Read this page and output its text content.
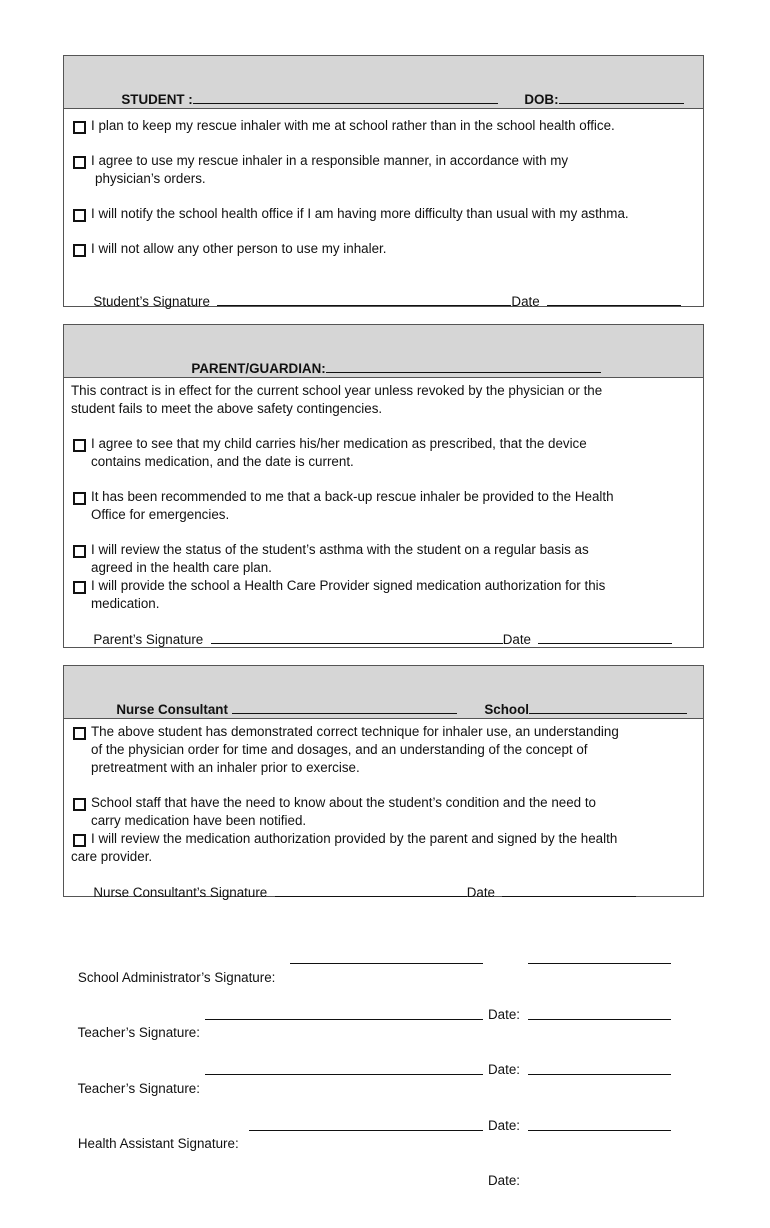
STUDENT :

	DOB:

I plan to keep my rescue inhaler with me at school rather than in the school health office.
I agree to use my rescue inhaler in a responsible manner, in accordance with my
physician’s orders.
I will notify the school health office if I am having more difficulty than usual with my asthma.
I will not allow any other person to use my inhaler.

Student’s Signature	Date

PARENT/GUARDIAN:

This contract is in effect for the current school year unless revoked by the physician or the
student fails to meet the above safety contingencies.
I agree to see that my child carries his/her medication as prescribed, that the device
contains medication, and the date is current.
It has been recommended to me that a back-up rescue inhaler be provided to the Health
Office for emergencies.
I will review the status of the student’s asthma with the student on a regular basis as
agreed in the health care plan.
I will provide the school a Health Care Provider signed medication authorization for this
medication.

Parent’s Signature	Date

Nurse Consultant

	School

The above student has demonstrated correct technique for inhaler use, an understanding
of the physician order for time and dosages, and an understanding of the concept of
pretreatment with an inhaler prior to exercise.
School staff that have the need to know about the student’s condition and the need to
carry medication have been notified.
I will review the medication authorization provided by the parent and signed by the health
care provider.

Nurse Consultant’s Signature	Date

School Administrator’s Signature:

Date:

Teacher’s Signature:

Date:

Teacher’s Signature:

Date:

Health Assistant Signature:

Date:
